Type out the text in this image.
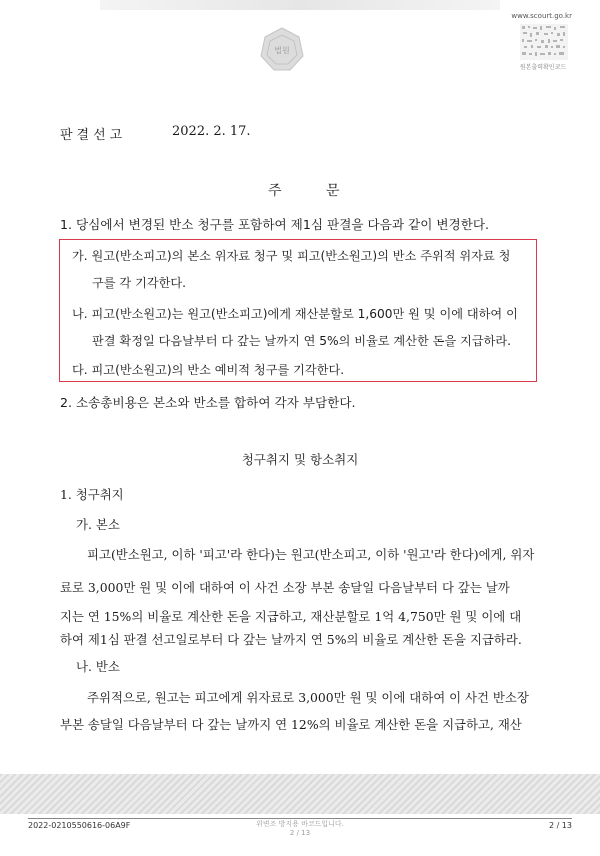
법원
www.scourt.go.kr
원본출력확인코드
판결선고	2022. 2. 17.
주 문
1. 당심에서 변경된 반소 청구를 포함하여 제1심 판결을 다음과 같이 변경한다.
가. 원고(반소피고)의 본소 위자료 청구 및 피고(반소원고)의 반소 주위적 위자료 청
구를 각 기각한다.
나. 피고(반소원고)는 원고(반소피고)에게 재산분할로 1,600만 원 및 이에 대하여 이
판결 확정일 다음날부터 다 갚는 날까지 연 5%의 비율로 계산한 돈을 지급하라.
다. 피고(반소원고)의 반소 예비적 청구를 기각한다.
2. 소송총비용은 본소와 반소를 합하여 각자 부담한다.
청구취지 및 항소취지
1. 청구취지
가. 본소
피고(반소원고, 이하 '피고'라 한다)는 원고(반소피고, 이하 '원고'라 한다)에게, 위자
료로 3,000만 원 및 이에 대하여 이 사건 소장 부본 송달일 다음날부터 다 갚는 날까
지는 연 15%의 비율로 계산한 돈을 지급하고, 재산분할로 1억 4,750만 원 및 이에 대
하여 제1심 판결 선고일로부터 다 갚는 날까지 연 5%의 비율로 계산한 돈을 지급하라.
나. 반소
주위적으로, 원고는 피고에게 위자료로 3,000만 원 및 이에 대하여 이 사건 반소장
부본 송달일 다음날부터 다 갚는 날까지 연 12%의 비율로 계산한 돈을 지급하고, 재산
2022-0210550616-06A9F	위변조 방지용 바코드입니다.
2 / 13
2 / 13
